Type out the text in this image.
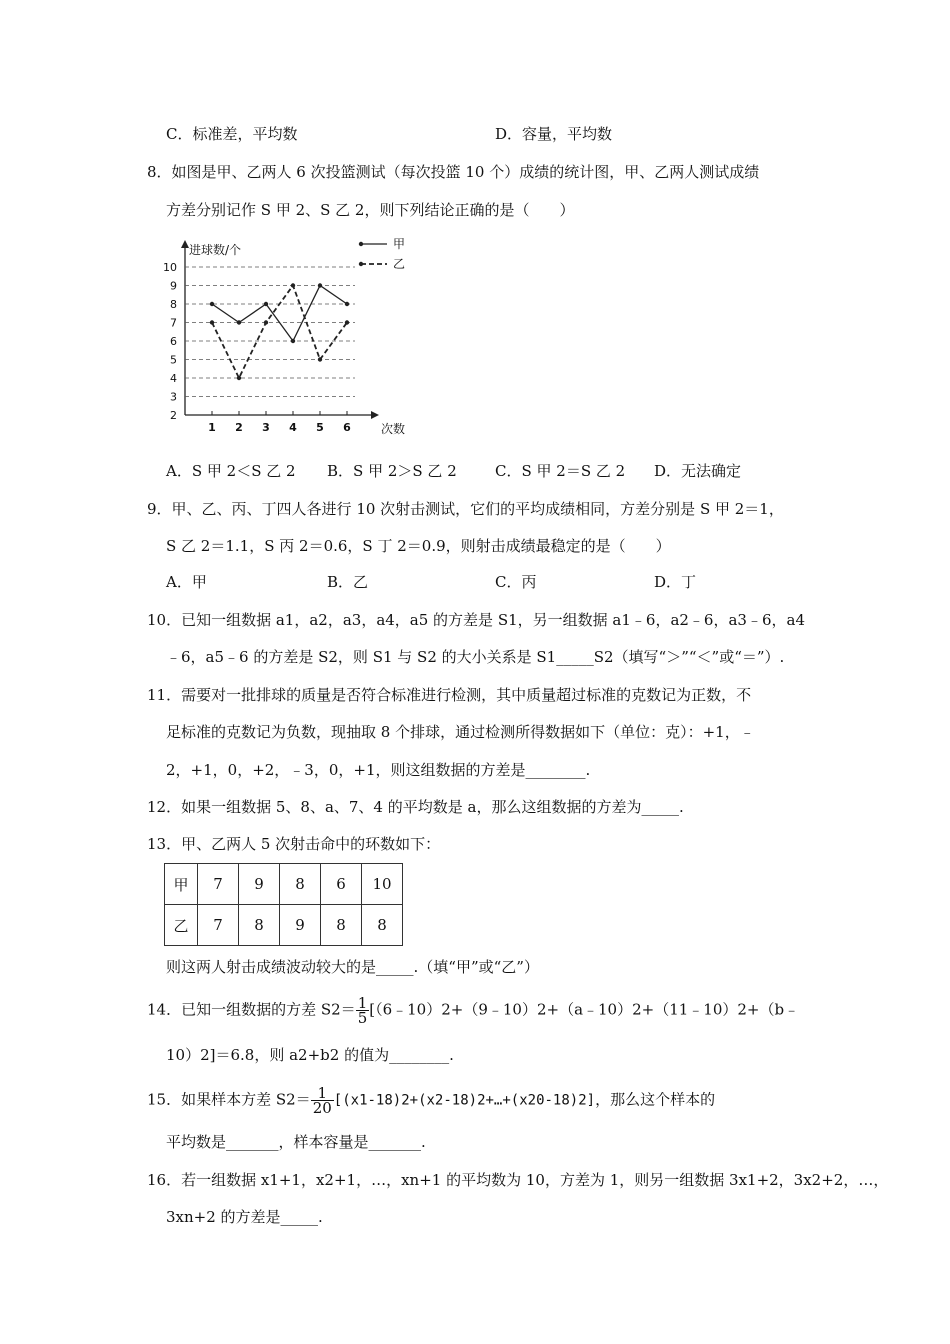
C．标准差，平均数	D．容量，平均数
8．如图是甲、乙两人 6 次投篮测试（每次投篮 10 个）成绩的统计图，甲、乙两人测试成绩
方差分别记作 S 甲 2、S 乙 2，则下列结论正确的是（　　）
2
3
4
5
6
7
8
9
10
1 2 3 4 5 6
进球数/个
次数
甲
乙
A．S 甲 2＜S 乙 2 B．S 甲 2＞S 乙 2	C．S 甲 2＝S 乙 2 D．无法确定
9．甲、乙、丙、丁四人各进行 10 次射击测试，它们的平均成绩相同，方差分别是 S 甲 2＝1，
S 乙 2＝1.1，S 丙 2＝0.6，S 丁 2＝0.9，则射击成绩最稳定的是（　　）
A．甲	B．乙	C．丙	D．丁
10．已知一组数据 a1，a2，a3，a4，a5 的方差是 S1，另一组数据 a1﹣6，a2﹣6，a3﹣6，a4
﹣6，a5﹣6 的方差是 S2，则 S1 与 S2 的大小关系是 S1_____S2（填写“＞”“＜”或“＝”）.
11．需要对一批排球的质量是否符合标准进行检测，其中质量超过标准的克数记为正数，不
足标准的克数记为负数，现抽取 8 个排球，通过检测所得数据如下（单位：克）：+1，﹣
2，+1，0，+2，﹣3，0，+1，则这组数据的方差是________.
12．如果一组数据 5、8、a、7、4 的平均数是 a，那么这组数据的方差为_____.
13．甲、乙两人 5 次射击命中的环数如下：
甲	7	9	8	6	10
乙	7	8	9	8	8
则这两人射击成绩波动较大的是_____.（填“甲”或“乙”）
14．已知一组数据的方差 $S2= \frac{1}{5}$ [（6﹣10）2+（9﹣10）2+（a﹣10）2+（11﹣10）2+（b﹣
10）2]＝6.8，则 a2+b2 的值为________.
15．如果样本方差 $S2= \frac{1}{20}$ [(x1-18)2+(x2-18)2+…+(x20-18)2]，那么这个样本的
平均数是_______，样本容量是_______.
16．若一组数据 x1+1，x2+1，…，xn+1 的平均数为 10，方差为 1，则另一组数据 3x1+2，3x2+2，…，
3xn+2 的方差是_____.
